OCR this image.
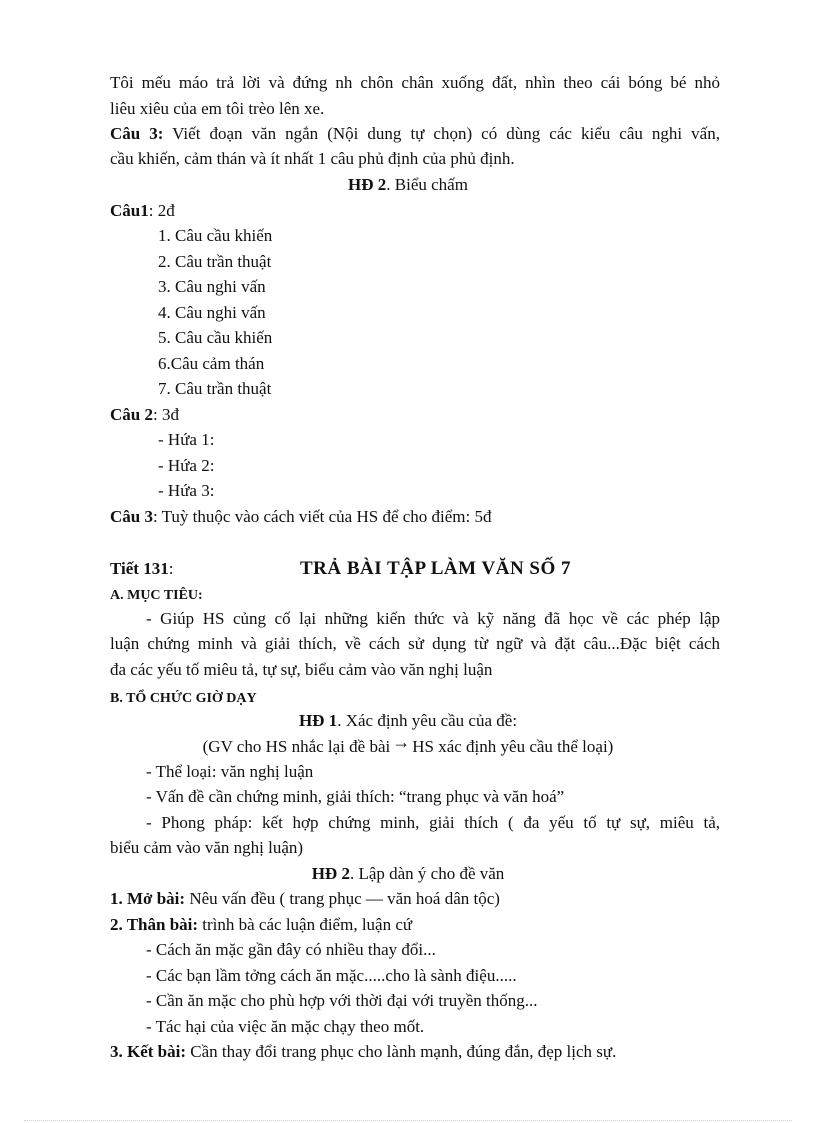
Tôi mếu máo trả lời và đứng nh chôn chân xuống đất, nhìn theo cái bóng bé nhỏ
liêu xiêu của em tôi trèo lên xe.
Câu 3: Viết đoạn văn ngắn (Nội dung tự chọn) có dùng các kiểu câu nghi vấn,
cầu khiến, cảm thán và ít nhất 1 câu phủ định của phủ định.
HĐ 2. Biểu chấm
Câu1: 2đ
1. Câu cầu khiến
2. Câu trần thuật
3. Câu nghi vấn
4. Câu nghi vấn
5. Câu cầu khiến
6.Câu cảm thán
7. Câu trần thuật
Câu 2: 3đ
- Hứa 1:
- Hứa 2:
- Hứa 3:
Câu 3: Tuỳ thuộc vào cách viết của HS để cho điểm: 5đ
Tiết 131:	TRẢ BÀI TẬP LÀM VĂN SỐ 7
A. MỤC TIÊU:
- Giúp HS củng cố lại những kiến thức và kỹ năng đã học về các phép lập
luận chứng minh và giải thích, về cách sử dụng từ ngữ và đặt câu...Đặc biệt cách
đa các yếu tố miêu tả, tự sự, biểu cảm vào văn nghị luận
B. TỔ CHỨC GIỜ DẠY
HĐ 1. Xác định yêu cầu của đề:
(GV cho HS nhắc lại đề bài → HS xác định yêu cầu thể loại)
- Thể loại: văn nghị luận
- Vấn đề cần chứng minh, giải thích: “trang phục và văn hoá”
- Phong pháp: kết hợp chứng minh, giải thích ( đa yếu tố tự sự, miêu tả,
biểu cảm vào văn nghị luận)
HĐ 2. Lập dàn ý cho đề văn
1. Mở bài: Nêu vấn đều ( trang phục — văn hoá dân tộc)
2. Thân bài: trình bà các luận điểm, luận cứ
- Cách ăn mặc gần đây có nhiều thay đổi...
- Các bạn lầm tởng cách ăn mặc.....cho là sành điệu.....
- Cần ăn mặc cho phù hợp với thời đại với truyền thống...
- Tác hại của việc ăn mặc chạy theo mốt.
3. Kết bài: Cần thay đổi trang phục cho lành mạnh, đúng đắn, đẹp lịch sự.
